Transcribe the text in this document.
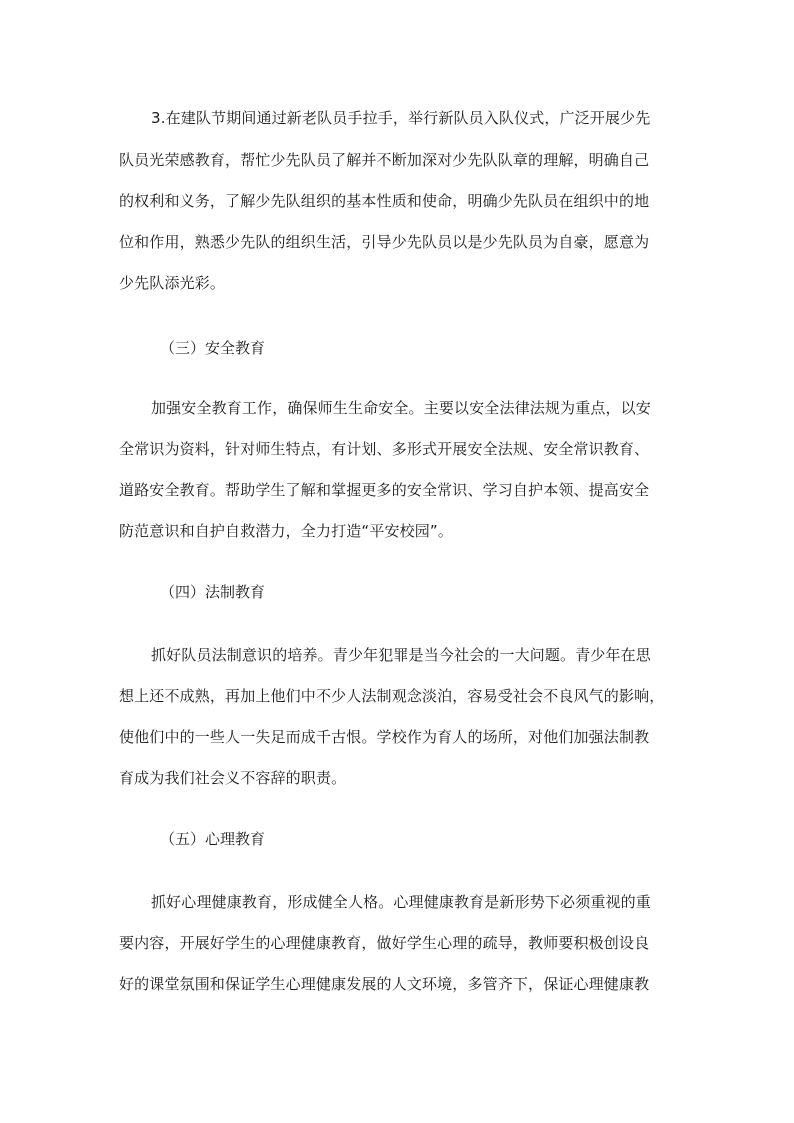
3.在建队节期间通过新老队员手拉手，举行新队员入队仪式，广泛开展少先
队员光荣感教育，帮忙少先队员了解并不断加深对少先队队章的理解，明确自己
的权利和义务，了解少先队组织的基本性质和使命，明确少先队员在组织中的地
位和作用，熟悉少先队的组织生活，引导少先队员以是少先队员为自豪，愿意为
少先队添光彩。
（三）安全教育
加强安全教育工作，确保师生生命安全。主要以安全法律法规为重点，以安
全常识为资料，针对师生特点，有计划、多形式开展安全法规、安全常识教育、
道路安全教育。帮助学生了解和掌握更多的安全常识、学习自护本领、提高安全
防范意识和自护自救潜力，全力打造“平安校园”。
（四）法制教育
抓好队员法制意识的培养。青少年犯罪是当今社会的一大问题。青少年在思
想上还不成熟，再加上他们中不少人法制观念淡泊，容易受社会不良风气的影响，
使他们中的一些人一失足而成千古恨。学校作为育人的场所，对他们加强法制教
育成为我们社会义不容辞的职责。
（五）心理教育
抓好心理健康教育，形成健全人格。心理健康教育是新形势下必须重视的重
要内容，开展好学生的心理健康教育，做好学生心理的疏导，教师要积极创设良
好的课堂氛围和保证学生心理健康发展的人文环境，多管齐下，保证心理健康教
